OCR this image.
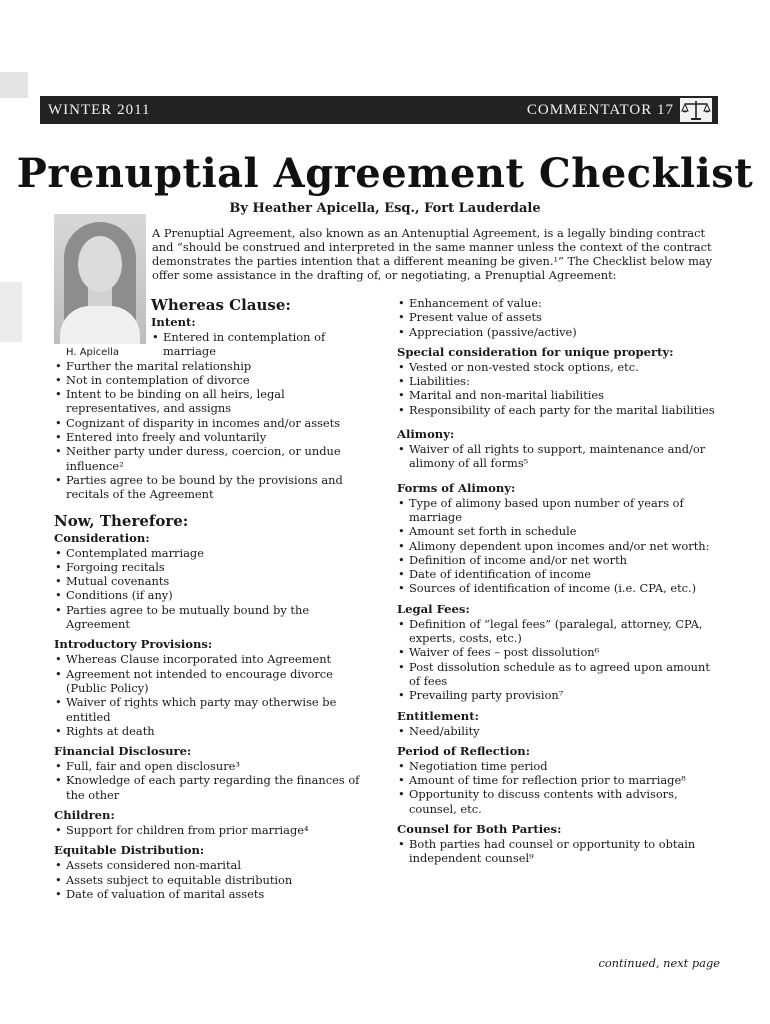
WINTER 2011	COMMENTATOR 17
Prenuptial Agreement Checklist
By Heather Apicella, Esq., Fort Lauderdale
H. Apicella
A Prenuptial Agreement, also known as an Antenuptial Agreement, is a legally binding contract and “should be construed and interpreted in the same manner unless the context of the contract demonstrates the parties intention that a different meaning be given.¹” The Checklist below may offer some assistance in the drafting of, or negotiating, a Prenuptial Agreement:
Whereas Clause:
Intent:
• Entered in contemplation of marriage
• Further the marital relationship
• Not in contemplation of divorce
• Intent to be binding on all heirs, legal representatives, and assigns
• Cognizant of disparity in incomes and/or assets
• Entered into freely and voluntarily
• Neither party under duress, coercion, or undue influence²
• Parties agree to be bound by the provisions and recitals of the Agreement
Now, Therefore:
Consideration:
• Contemplated marriage
• Forgoing recitals
• Mutual covenants
• Conditions (if any)
• Parties agree to be mutually bound by the Agreement
Introductory Provisions:
• Whereas Clause incorporated into Agreement
• Agreement not intended to encourage divorce (Public Policy)
• Waiver of rights which party may otherwise be entitled
• Rights at death
Financial Disclosure:
• Full, fair and open disclosure³
• Knowledge of each party regarding the finances of the other
Children:
• Support for children from prior marriage⁴
Equitable Distribution:
• Assets considered non-marital
• Assets subject to equitable distribution
• Date of valuation of marital assets
• Enhancement of value:
• Present value of assets
• Appreciation (passive/active)
Special consideration for unique property:
• Vested or non-vested stock options, etc.
• Liabilities:
• Marital and non-marital liabilities
• Responsibility of each party for the marital liabilities
Alimony:
• Waiver of all rights to support, maintenance and/or alimony of all forms⁵
Forms of Alimony:
• Type of alimony based upon number of years of marriage
• Amount set forth in schedule
• Alimony dependent upon incomes and/or net worth:
• Definition of income and/or net worth
• Date of identification of income
• Sources of identification of income (i.e. CPA, etc.)
Legal Fees:
• Definition of “legal fees” (paralegal, attorney, CPA, experts, costs, etc.)
• Waiver of fees – post dissolution⁶
• Post dissolution schedule as to agreed upon amount of fees
• Prevailing party provision⁷
Entitlement:
• Need/ability
Period of Reflection:
• Negotiation time period
• Amount of time for reflection prior to marriage⁸
• Opportunity to discuss contents with advisors, counsel, etc.
Counsel for Both Parties:
• Both parties had counsel or opportunity to obtain independent counsel⁹
continued, next page
